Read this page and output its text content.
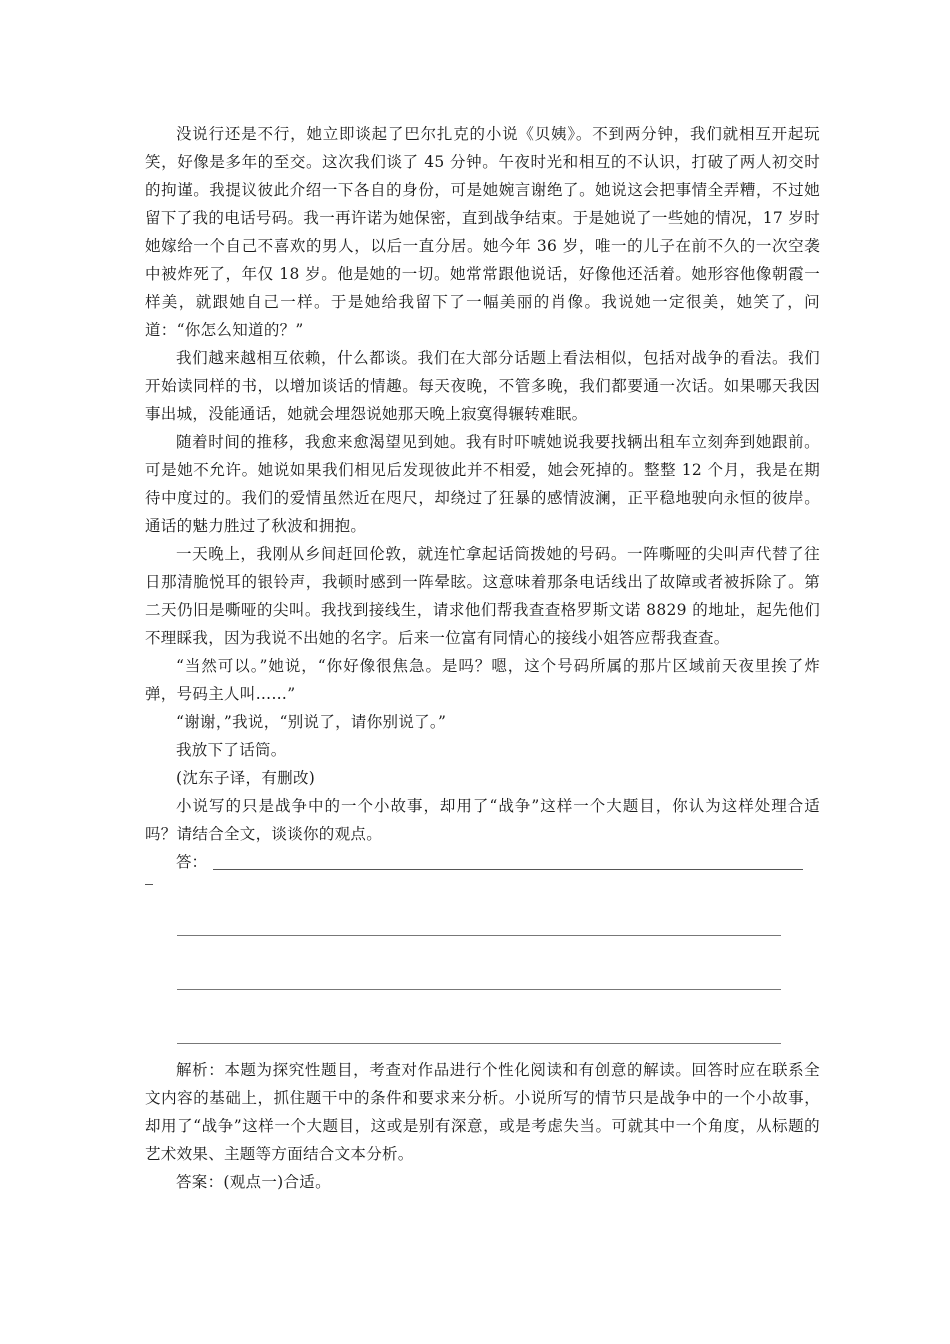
没说行还是不行，她立即谈起了巴尔扎克的小说《贝姨》。不到两分钟，我们就相互开起玩笑，好像是多年的至交。这次我们谈了 45 分钟。午夜时光和相互的不认识，打破了两人初交时的拘谨。我提议彼此介绍一下各自的身份，可是她婉言谢绝了。她说这会把事情全弄糟，不过她留下了我的电话号码。我一再许诺为她保密，直到战争结束。于是她说了一些她的情况，17 岁时她嫁给一个自己不喜欢的男人，以后一直分居。她今年 36 岁，唯一的儿子在前不久的一次空袭中被炸死了，年仅 18 岁。他是她的一切。她常常跟他说话，好像他还活着。她形容他像朝霞一样美，就跟她自己一样。于是她给我留下了一幅美丽的肖像。我说她一定很美，她笑了，问道：“你怎么知道的？”

我们越来越相互依赖，什么都谈。我们在大部分话题上看法相似，包括对战争的看法。我们开始读同样的书，以增加谈话的情趣。每天夜晚，不管多晚，我们都要通一次话。如果哪天我因事出城，没能通话，她就会埋怨说她那天晚上寂寞得辗转难眠。

随着时间的推移，我愈来愈渴望见到她。我有时吓唬她说我要找辆出租车立刻奔到她跟前。可是她不允许。她说如果我们相见后发现彼此并不相爱，她会死掉的。整整 12 个月，我是在期待中度过的。我们的爱情虽然近在咫尺，却绕过了狂暴的感情波澜，正平稳地驶向永恒的彼岸。通话的魅力胜过了秋波和拥抱。

一天晚上，我刚从乡间赶回伦敦，就连忙拿起话筒拨她的号码。一阵嘶哑的尖叫声代替了往日那清脆悦耳的银铃声，我顿时感到一阵晕眩。这意味着那条电话线出了故障或者被拆除了。第二天仍旧是嘶哑的尖叫。我找到接线生，请求他们帮我查查格罗斯文诺 8829 的地址，起先他们不理睬我，因为我说不出她的名字。后来一位富有同情心的接线小姐答应帮我查查。

“当然可以。”她说，“你好像很焦急。是吗？嗯，这个号码所属的那片区域前天夜里挨了炸弹，号码主人叫……”

“谢谢，”我说，“别说了，请你别说了。”

我放下了话筒。

(沈东子译，有删改)

小说写的只是战争中的一个小故事，却用了“战争”这样一个大题目，你认为这样处理合适吗？请结合全文，谈谈你的观点。

答：

解析：本题为探究性题目，考查对作品进行个性化阅读和有创意的解读。回答时应在联系全文内容的基础上，抓住题干中的条件和要求来分析。小说所写的情节只是战争中的一个小故事，却用了“战争”这样一个大题目，这或是别有深意，或是考虑失当。可就其中一个角度，从标题的艺术效果、主题等方面结合文本分析。

答案：(观点一)合适。
